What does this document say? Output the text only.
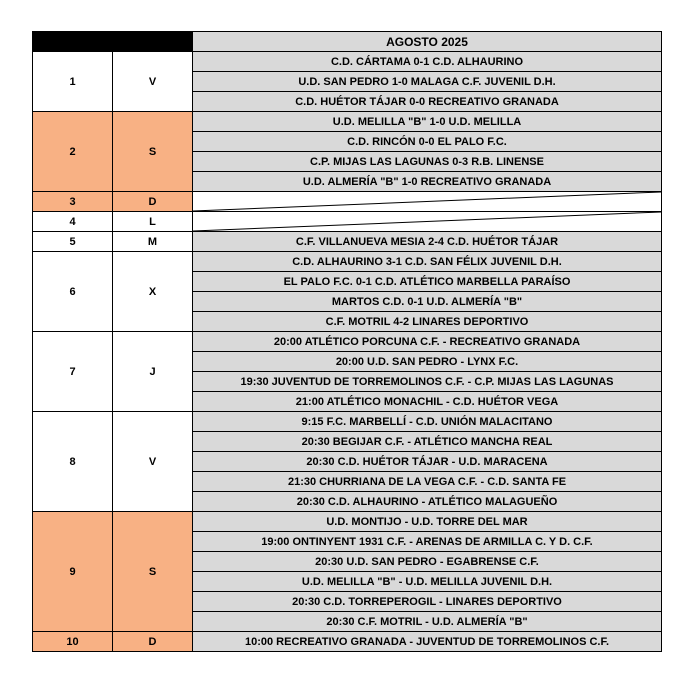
		AGOSTO 2025
1	V	C.D. CÁRTAMA 0-1 C.D. ALHAURINO
		U.D. SAN PEDRO 1-0 MALAGA C.F. JUVENIL D.H.
		C.D. HUÉTOR TÁJAR 0-0 RECREATIVO GRANADA
2	S	U.D. MELILLA "B" 1-0 U.D. MELILLA
		C.D. RINCÓN 0-0 EL PALO F.C.
		C.P. MIJAS LAS LAGUNAS 0-3 R.B. LINENSE
		U.D. ALMERÍA "B" 1-0 RECREATIVO GRANADA
3	D	

4	L	

5	M	C.F. VILLANUEVA MESIA 2-4 C.D. HUÉTOR TÁJAR
6	X	C.D. ALHAURINO 3-1 C.D. SAN FÉLIX JUVENIL D.H.
		EL PALO F.C. 0-1 C.D. ATLÉTICO MARBELLA PARAÍSO
		MARTOS C.D. 0-1 U.D. ALMERÍA "B"
		C.F. MOTRIL 4-2 LINARES DEPORTIVO
7	J	20:00 ATLÉTICO PORCUNA C.F. - RECREATIVO GRANADA
		20:00 U.D. SAN PEDRO - LYNX F.C.
		19:30 JUVENTUD DE TORREMOLINOS C.F. - C.P. MIJAS LAS LAGUNAS
		21:00 ATLÉTICO MONACHIL - C.D. HUÉTOR VEGA
8	V	9:15 F.C. MARBELLÍ - C.D. UNIÓN MALACITANO
		20:30 BEGIJAR C.F. - ATLÉTICO MANCHA REAL
		20:30 C.D. HUÉTOR TÁJAR - U.D. MARACENA
		21:30 CHURRIANA DE LA VEGA C.F. - C.D. SANTA FE
		20:30 C.D. ALHAURINO - ATLÉTICO MALAGUEÑO
9	S	U.D. MONTIJO - U.D. TORRE DEL MAR
		19:00 ONTINYENT 1931 C.F. - ARENAS DE ARMILLA C. Y D. C.F.
		20:30 U.D. SAN PEDRO - EGABRENSE C.F.
		U.D. MELILLA "B" - U.D. MELILLA JUVENIL D.H.
		20:30 C.D. TORREPEROGIL - LINARES DEPORTIVO
		20:30 C.F. MOTRIL - U.D. ALMERÍA "B"
10	D	10:00 RECREATIVO GRANADA - JUVENTUD DE TORREMOLINOS C.F.
